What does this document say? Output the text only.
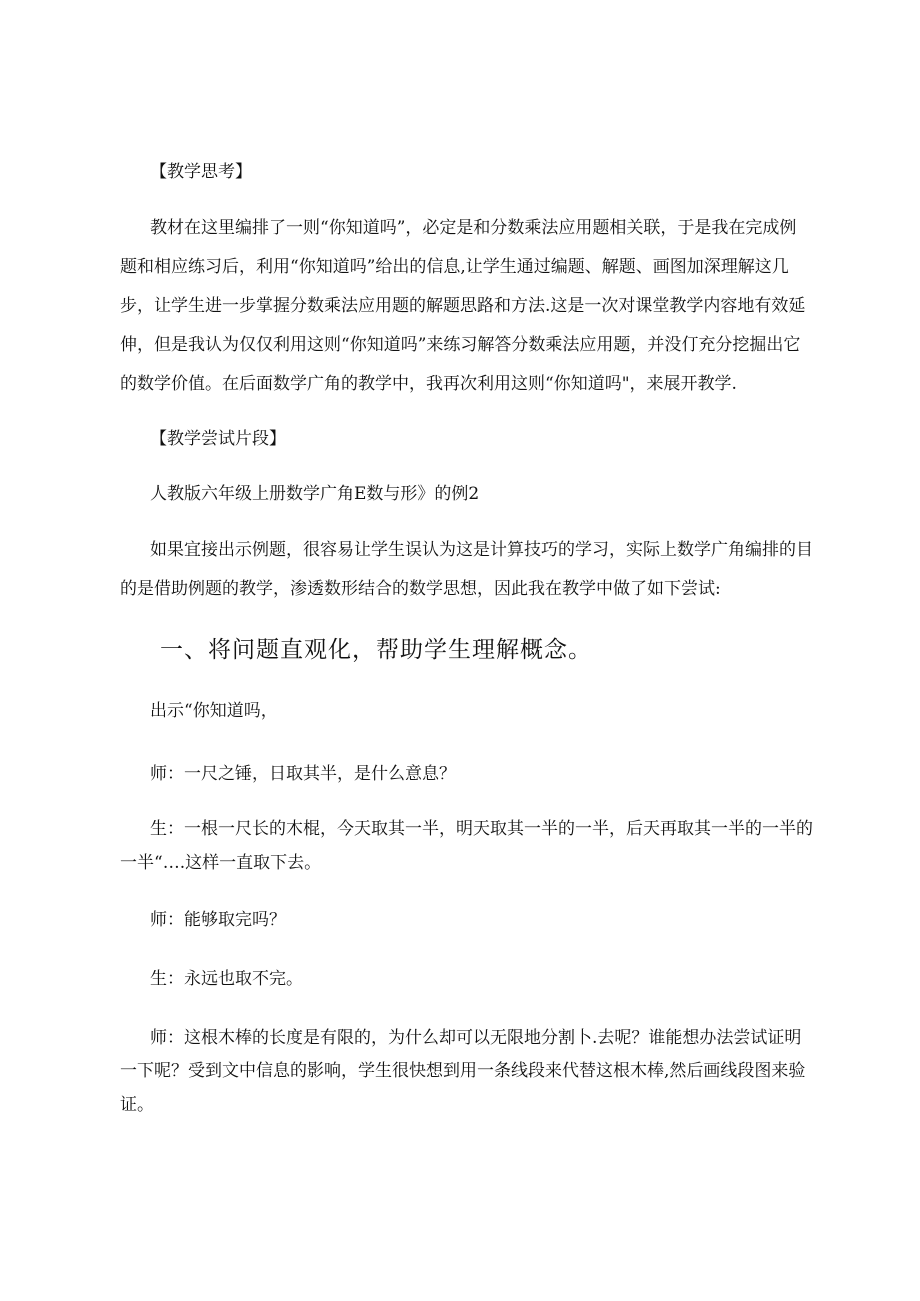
【教学思考】
教材在这里编排了一则“你知道吗”，必定是和分数乘法应用题相关联，于是我在完成例
题和相应练习后，利用“你知道吗”给出的信息,让学生通过编题、解题、画图加深理解这几
步，让学生进一步掌握分数乘法应用题的解题思路和方法.这是一次对课堂教学内容地有效延
伸，但是我认为仅仅利用这则“你知道吗”来练习解答分数乘法应用题，并没仃充分挖掘出它
的数学价值。在后面数学广角的教学中，我再次利用这则“你知道吗"，来展开教学.
【教学尝试片段】
人教版六年级上册数学广角E数与形》的例2
如果宜接出示例题，很容易让学生误认为这是计算技巧的学习，实际上数学广角编排的目
的是借助例题的教学，渗透数形结合的数学思想，因此我在教学中做了如下尝试:
一、将问题直观化，帮助学生理解概念。
出示“你知道吗，
师：一尺之锤，日取其半，是什么意息？
生：一根一尺长的木棍，今天取其一半，明天取其一半的一半，后天再取其一半的一半的
一半“….这样一直取下去。
师：能够取完吗？
生：永远也取不完。
师：这根木棒的长度是有限的，为什么却可以无限地分割卜.去呢？谁能想办法尝试证明
一下呢？受到文中信息的影响，学生很快想到用一条线段来代替这根木棒,然后画线段图来验
证。
